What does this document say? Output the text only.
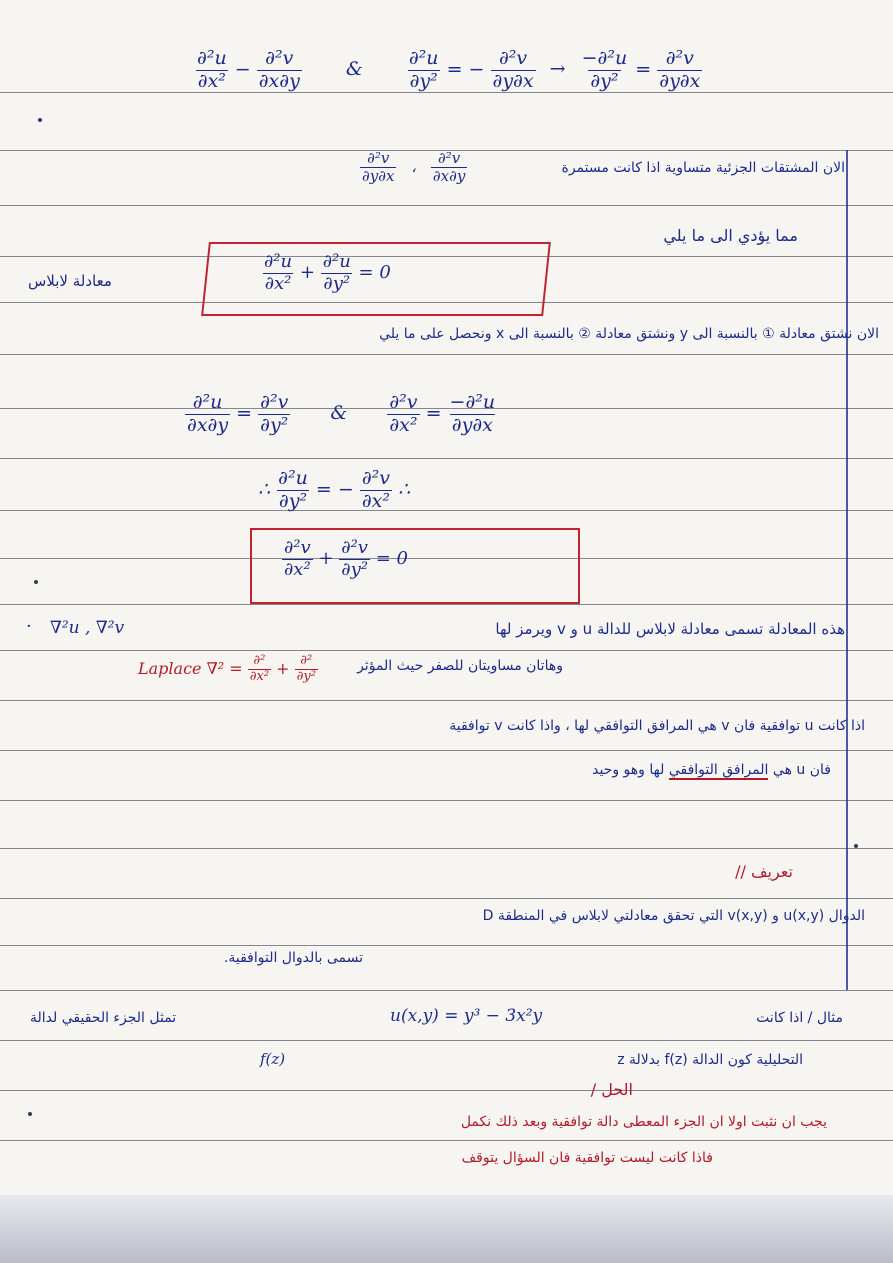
$\frac{\text{∂²u}}{\text{∂x²}} - \frac{\text{∂²v}}{\partial x\partial y}$ & $\frac{\text{∂²u}}{\text{∂y²}}$ = − $\frac{\text{∂²v}}{\partial y\partial x} \to \frac{\text{−∂²u}}{\text{∂y²}} = \frac{\text{∂²v}}{\partial y\partial x}$
$\frac{\text{∂²v}}{\partial y\partial x}$ ، $\frac{\text{∂²v}}{\partial x\partial y}$	الان المشتقات الجزئية متساوية اذا كانت مستمرة
مما يؤدي الى ما يلي
$\frac{\text{∂²u}}{\text{∂x²}} + \frac{\text{∂²u}}{\text{∂y²}} = 0$
معادلة لابلاس
الان نشتق معادلة ① بالنسبة الى y ونشتق معادلة ② بالنسبة الى x ونحصل على ما يلي
$\frac{\text{∂²u}}{\partial x\partial y} = \frac{\text{∂²v}}{\text{∂y²}}$ & $\frac{\text{∂²v}}{\text{∂x²}} = \frac{\text{−∂²u}}{\partial y\partial x}$
∴ $\frac{\text{∂²u}}{\text{∂y²}}$ = − $\frac{\text{∂²v}}{\text{∂x²}}$ ∴
$\frac{\text{∂²v}}{\text{∂x²}} + \frac{\text{∂²v}}{\text{∂y²}} = 0$
هذه المعادلة تسمى معادلة لابلاس للدالة u و v ويرمز لها
∇²u , ∇²v
·
وهاتان مساويتان للصفر حيث المؤثر
Laplace $\nabla^2 = \frac{\text{∂²}}{\text{∂x²}} + \frac{\text{∂²}}{\text{∂y²}}$
اذا كانت u توافقية فان v هي المرافق التوافقي لها ، واذا كانت v توافقية
فان u هي المرافق التوافقي لها وهو وحيد
تعريف //
الدوال u(x,y) و v(x,y) التي تحقق معادلتي لابلاس في المنطقة D
تسمى بالدوال التوافقية.
مثال / اذا كانت
u(x,y) = y³ − 3x²y
تمثل الجزء الحقيقي لدالة
التحليلية كون الدالة f(z) بدلالة z
f(z)
الحل /
يجب ان نثبت اولا ان الجزء المعطى دالة توافقية وبعد ذلك نكمل
فاذا كانت ليست توافقية فان السؤال يتوقف
